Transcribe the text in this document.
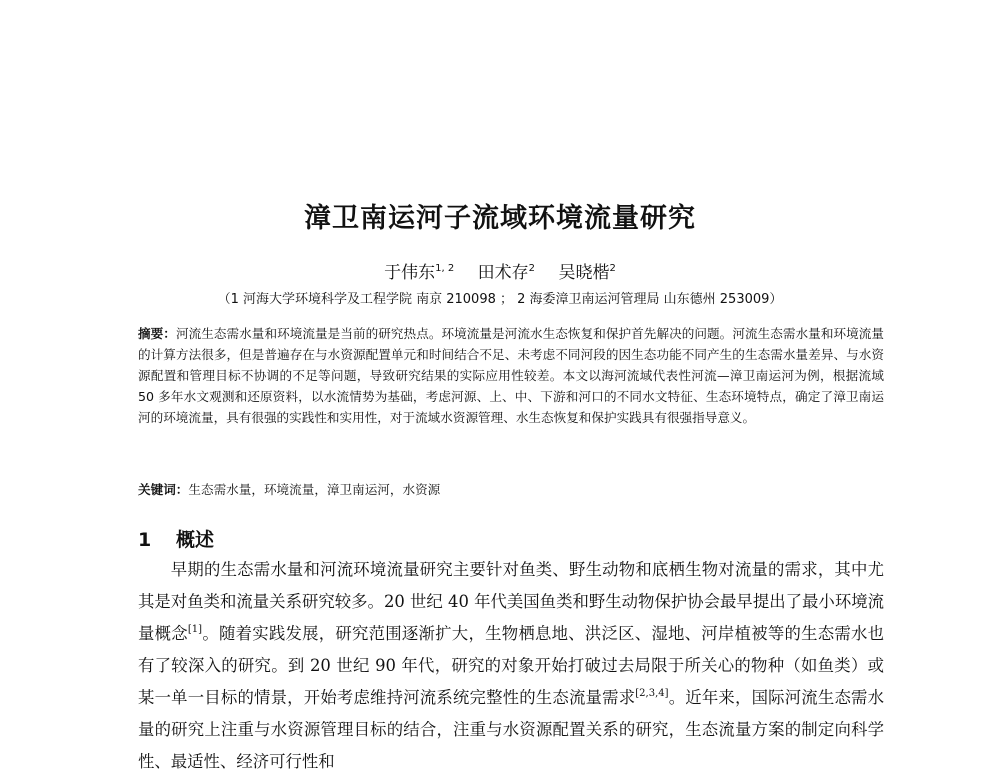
漳卫南运河子流域环境流量研究
于伟东$^{1, 2}$ 田术存$^2$ 吴晓楷$^2$
（1 河海大学环境科学及工程学院 南京 210098 ； 2 海委漳卫南运河管理局 山东德州 253009）
摘要：河流生态需水量和环境流量是当前的研究热点。环境流量是河流水生态恢复和保护首先解决的问题。河流生态需水量和环境流量的计算方法很多，但是普遍存在与水资源配置单元和时间结合不足、未考虑不同河段的因生态功能不同产生的生态需水量差异、与水资源配置和管理目标不协调的不足等问题，导致研究结果的实际应用性较差。本文以海河流域代表性河流—漳卫南运河为例，根据流域 50 多年水文观测和还原资料，以水流情势为基础，考虑河源、上、中、下游和河口的不同水文特征、生态环境特点，确定了漳卫南运河的环境流量，具有很强的实践性和实用性，对于流域水资源管理、水生态恢复和保护实践具有很强指导意义。
关键词：生态需水量，环境流量，漳卫南运河，水资源
1 概述
早期的生态需水量和河流环境流量研究主要针对鱼类、野生动物和底栖生物对流量的需求，其中尤其是对鱼类和流量关系研究较多。20 世纪 40 年代美国鱼类和野生动物保护协会最早提出了最小环境流量概念[1]。随着实践发展，研究范围逐渐扩大，生物栖息地、洪泛区、湿地、河岸植被等的生态需水也有了较深入的研究。到 20 世纪 90 年代，研究的对象开始打破过去局限于所关心的物种（如鱼类）或某一单一目标的情景，开始考虑维持河流系统完整性的生态流量需求[2,3,4]。近年来，国际河流生态需水量的研究上注重与水资源管理目标的结合，注重与水资源配置关系的研究，生态流量方案的制定向科学性、最适性、经济可行性和
